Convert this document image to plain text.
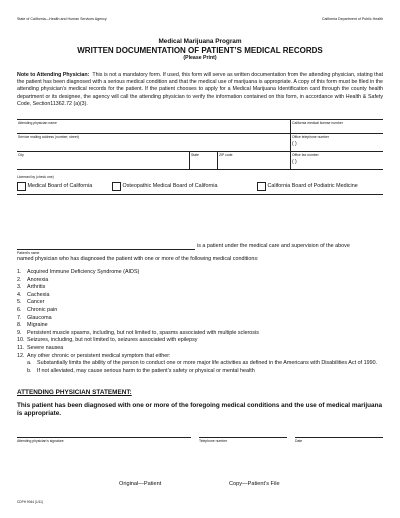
State of California—Health and Human Services Agency	California Department of Public Health
Medical Marijuana Program
WRITTEN DOCUMENTATION OF PATIENT’S MEDICAL RECORDS
(Please Print)
Note to Attending Physician: This is not a mandatory form. If used, this form will serve as written documentation from the attending physician, stating that the patient has been diagnosed with a serious medical condition and that the medical use of marijuana is appropriate. A copy of this form must be filed in the attending physician’s medical records for the patient. If the patient chooses to apply for a Medical Marijuana Identification card through the county health department or its designee, the agency will call the attending physician to verify the information contained on this form, in accordance with Health & Safety Code, Section11362.72 (a)(3).
Attending physician name	California medical license number
Service mailing address (number, street)	Office telephone number
( )
City	State	ZIP code	Office fax number
( )
Licensed by (check one)
Medical Board of California	Osteopathic Medical Board of California	California Board of Podiatric Medicine
Patient’s name
is a patient under the medical care and supervision of the above
named physician who has diagnosed the patient with one or more of the following medical conditions:
1.	Acquired Immune Deficiency Syndrome (AIDS)
2.	Anorexia
3.	Arthritis
4.	Cachexia
5.	Cancer
6.	Chronic pain
7.	Glaucoma
8.	Migraine
9.	Persistent muscle spasms, including, but not limited to, spasms associated with multiple sclerosis
10. Seizures, including, but not limited to, seizures associated with epilepsy
11. Severe nausea
12. Any other chronic or persistent medical symptom that either:
a.	Substantially limits the ability of the person to conduct one or more major life activities as defined in the Americans with Disabilities Act of 1990.
b.	If not alleviated, may cause serious harm to the patient’s safety or physical or mental health
ATTENDING PHYSICIAN STATEMENT:
This patient has been diagnosed with one or more of the foregoing medical conditions and the use of medical marijuana is appropriate.
Attending physician’s signature	Telephone number	Date
Original—Patient	Copy—Patient’s File
CDPH 9044 (1/11)
